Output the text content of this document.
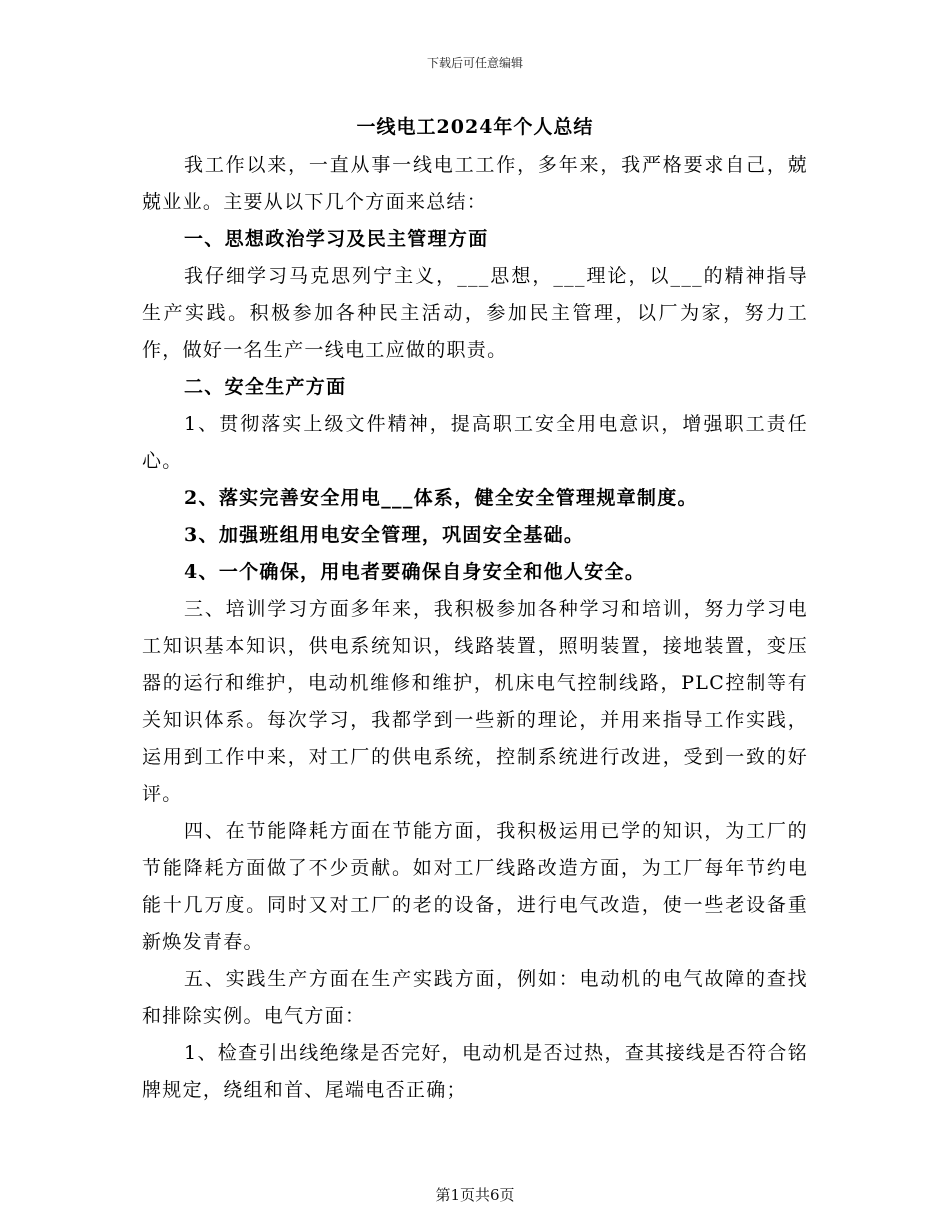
下载后可任意编辑
一线电工2024年个人总结

我工作以来，一直从事一线电工工作，多年来，我严格要求自己，兢兢业业。主要从以下几个方面来总结：

一、思想政治学习及民主管理方面

我仔细学习马克思列宁主义，___思想，___理论，以___的精神指导生产实践。积极参加各种民主活动，参加民主管理，以厂为家，努力工作，做好一名生产一线电工应做的职责。

二、安全生产方面

1、贯彻落实上级文件精神，提高职工安全用电意识，增强职工责任心。

2、落实完善安全用电___体系，健全安全管理规章制度。

3、加强班组用电安全管理，巩固安全基础。

4、一个确保，用电者要确保自身安全和他人安全。

三、培训学习方面多年来，我积极参加各种学习和培训，努力学习电工知识基本知识，供电系统知识，线路装置，照明装置，接地装置，变压器的运行和维护，电动机维修和维护，机床电气控制线路，PLC控制等有关知识体系。每次学习，我都学到一些新的理论，并用来指导工作实践，运用到工作中来，对工厂的供电系统，控制系统进行改进，受到一致的好评。

四、在节能降耗方面在节能方面，我积极运用已学的知识，为工厂的节能降耗方面做了不少贡献。如对工厂线路改造方面，为工厂每年节约电能十几万度。同时又对工厂的老的设备，进行电气改造，使一些老设备重新焕发青春。

五、实践生产方面在生产实践方面，例如：电动机的电气故障的查找和排除实例。电气方面：

1、检查引出线绝缘是否完好，电动机是否过热，查其接线是否符合铭牌规定，绕组和首、尾端电否正确；

第1页共6页
